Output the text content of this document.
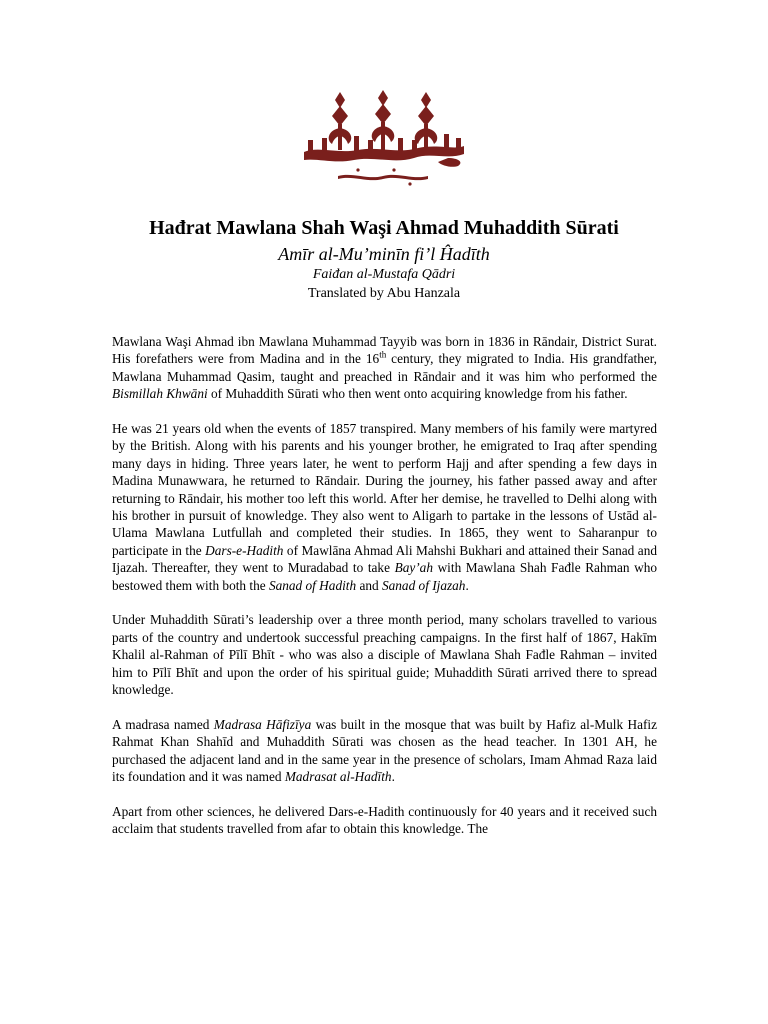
Hađrat Mawlana Shah Waşi Ahmad Muhaddith Sūrati
Amīr al-Mu’minīn fi’l Ĥadīth
Faiđan al-Mustafa Qādri
Translated by Abu Hanzala

Mawlana Waşi Ahmad ibn Mawlana Muhammad Tayyib was born in 1836 in Rāndair, District Surat. His forefathers were from Madina and in the 16th century, they migrated to India. His grandfather, Mawlana Muhammad Qasim, taught and preached in Rāndair and it was him who performed the Bismillah Khwāni of Muhaddith Sūrati who then went onto acquiring knowledge from his father.

He was 21 years old when the events of 1857 transpired. Many members of his family were martyred by the British. Along with his parents and his younger brother, he emigrated to Iraq after spending many days in hiding. Three years later, he went to perform Hajj and after spending a few days in Madina Munawwara, he returned to Rāndair. During the journey, his father passed away and after returning to Rāndair, his mother too left this world. After her demise, he travelled to Delhi along with his brother in pursuit of knowledge. They also went to Aligarh to partake in the lessons of Ustād al-Ulama Mawlana Lutfullah and completed their studies. In 1865, they went to Saharanpur to participate in the Dars-e-Hadith of Mawlāna Ahmad Ali Mahshi Bukhari and attained their Sanad and Ijazah. Thereafter, they went to Muradabad to take Bay’ah with Mawlana Shah Fađle Rahman who bestowed them with both the Sanad of Hadith and Sanad of Ijazah.

Under Muhaddith Sūrati’s leadership over a three month period, many scholars travelled to various parts of the country and undertook successful preaching campaigns. In the first half of 1867, Hakīm Khalil al-Rahman of Pīlī Bhīt - who was also a disciple of Mawlana Shah Fađle Rahman – invited him to Pīlī Bhīt and upon the order of his spiritual guide; Muhaddith Sūrati arrived there to spread knowledge.

A madrasa named Madrasa Hāfizīya was built in the mosque that was built by Hafiz al-Mulk Hafiz Rahmat Khan Shahīd and Muhaddith Sūrati was chosen as the head teacher. In 1301 AH, he purchased the adjacent land and in the same year in the presence of scholars, Imam Ahmad Raza laid its foundation and it was named Madrasat al-Hadīth.

Apart from other sciences, he delivered Dars-e-Hadith continuously for 40 years and it received such acclaim that students travelled from afar to obtain this knowledge. The
